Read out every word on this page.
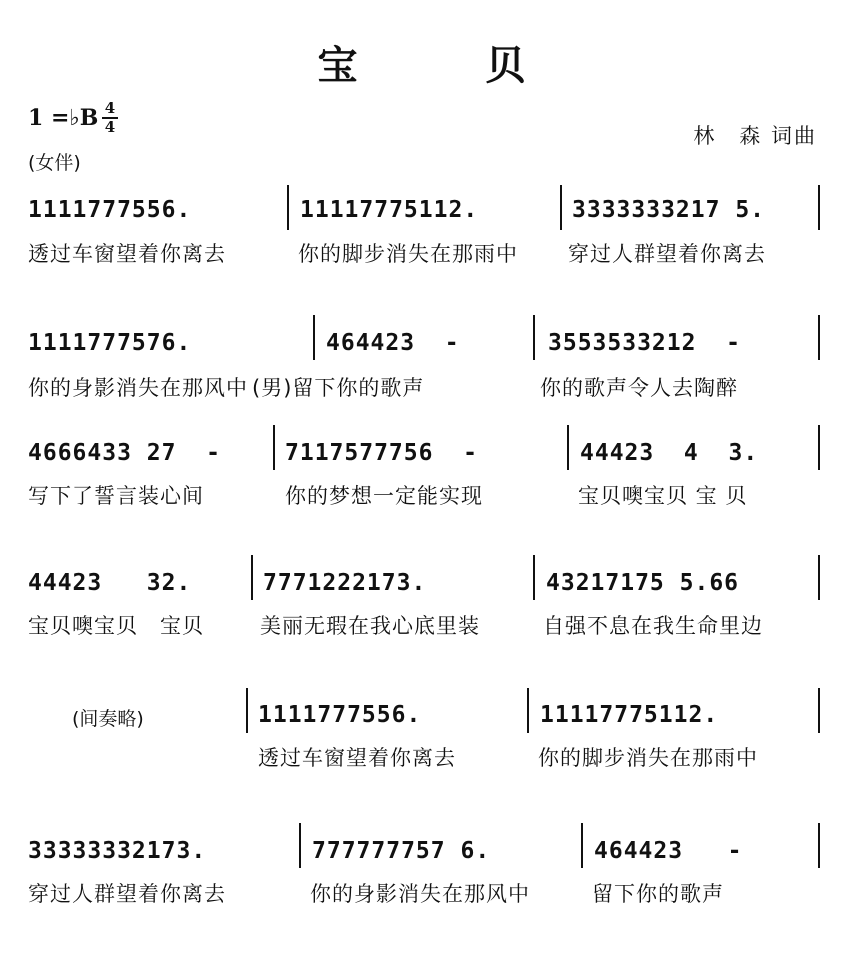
宝　　　贝
1 =♭B 4
4	林　森 词曲
(女伴)
1111777556.	11117775112.	3333333217 5.
透过车窗望着你离去	你的脚步消失在那雨中 穿过人群望着你离去
1111777576.	464423  -	3553533212  -
你的身影消失在那风中 (男)留下你的歌声	你的歌声令人去陶醉
4666433 27  -	7117577756  -	44423  4  3.
写下了誓言装心间	你的梦想一定能实现	宝贝噢宝贝 宝 贝
44423   32.	7771222173.	43217175 5.66
宝贝噢宝贝　宝贝	美丽无瑕在我心底里装	自强不息在我生命里边
(间奏略)	1111777556.	11117775112.
透过车窗望着你离去	你的脚步消失在那雨中
33333332173.	777777757 6.	464423   -
穿过人群望着你离去	你的身影消失在那风中	留下你的歌声
